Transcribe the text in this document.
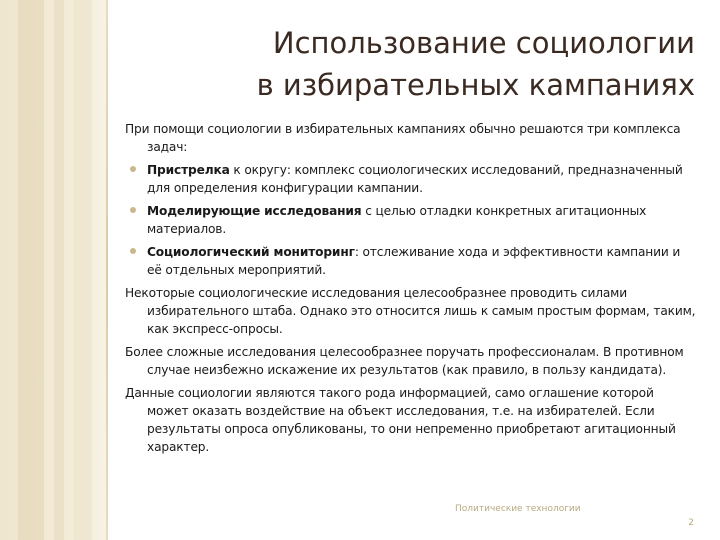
Использование социологии
в избирательных кампаниях

При помощи социологии в избирательных кампаниях обычно решаются три комплекса задач:

Пристрелка к округу: комплекс социологических исследований, предназначенный для определения конфигурации кампании.
Моделирующие исследования с целью отладки конкретных агитационных материалов.
Социологический мониторинг: отслеживание хода и эффективности кампании и её отдельных мероприятий.

Некоторые социологические исследования целесообразнее проводить силами избирательного штаба. Однако это относится лишь к самым простым формам, таким, как экспресс-опросы.

Более сложные исследования целесообразнее поручать профессионалам. В противном случае неизбежно искажение их результатов (как правило, в пользу кандидата).

Данные социологии являются такого рода информацией, само оглашение которой может оказать воздействие на объект исследования, т.е. на избирателей. Если результаты опроса опубликованы, то они непременно приобретают агитационный характер.

Политические технологии
2
